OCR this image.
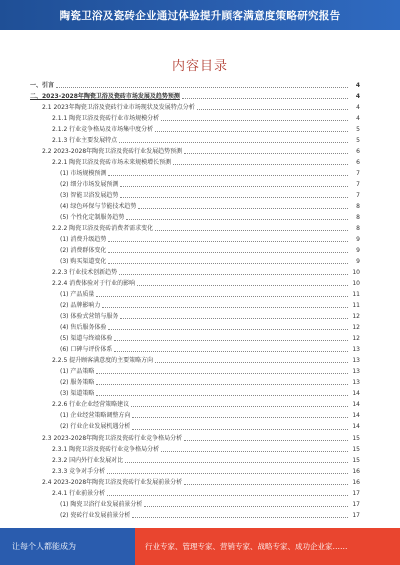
陶瓷卫浴及瓷砖企业通过体验提升顾客满意度策略研究报告
内容目录
一、引言	4
二、2023-2028年陶瓷卫浴及瓷砖市场发展及趋势预测	4
2.1 2023年陶瓷卫浴及瓷砖行业市场现状及发展特点分析	4
2.1.1 陶瓷卫浴及瓷砖行业市场规模分析	4
2.1.2 行业竞争格局及市场集中度分析	5
2.1.3 行业主要发展特点	5
2.2 2023-2028年陶瓷卫浴及瓷砖行业发展趋势预测	6
2.2.1 陶瓷卫浴及瓷砖市场未来规模增长预测	6
(1) 市场规模预测	7
(2) 细分市场发展预测	7
(3) 智能卫浴发展趋势	7
(4) 绿色环保与节能技术趋势	8
(5) 个性化定制服务趋势	8
2.2.2 陶瓷卫浴及瓷砖消费者需求变化	8
(1) 消费升级趋势	9
(2) 消费群体变化	9
(3) 购买渠道变化	9
2.2.3 行业技术创新趋势	10
2.2.4 消费体验对于行业的影响	10
(1) 产品质量	11
(2) 品牌影响力	11
(3) 体验式营销与服务	12
(4) 售后服务体验	12
(5) 渠道与终端体验	12
(6) 口碑与评价体系	13
2.2.5 提升顾客满意度的主要策略方向	13
(1) 产品策略	13
(2) 服务策略	13
(3) 渠道策略	14
2.2.6 行业企业经营策略建议	14
(1) 企业经营策略调整方向	14
(2) 行业企业发展机遇分析	14
2.3 2023-2028年陶瓷卫浴及瓷砖行业竞争格局分析	15
2.3.1 陶瓷卫浴及瓷砖行业竞争格局分析	15
2.3.2 国内外行业发展对比	15
2.3.3 竞争对手分析	16
2.4 2023-2028年陶瓷卫浴及瓷砖行业发展前景分析	16
2.4.1 行业前景分析	17
(1) 陶瓷卫浴行业发展前景分析	17
(2) 瓷砖行业发展前景分析	17
让每个人都能成为	行业专家、管理专家、营销专家、战略专家、成功企业家……
